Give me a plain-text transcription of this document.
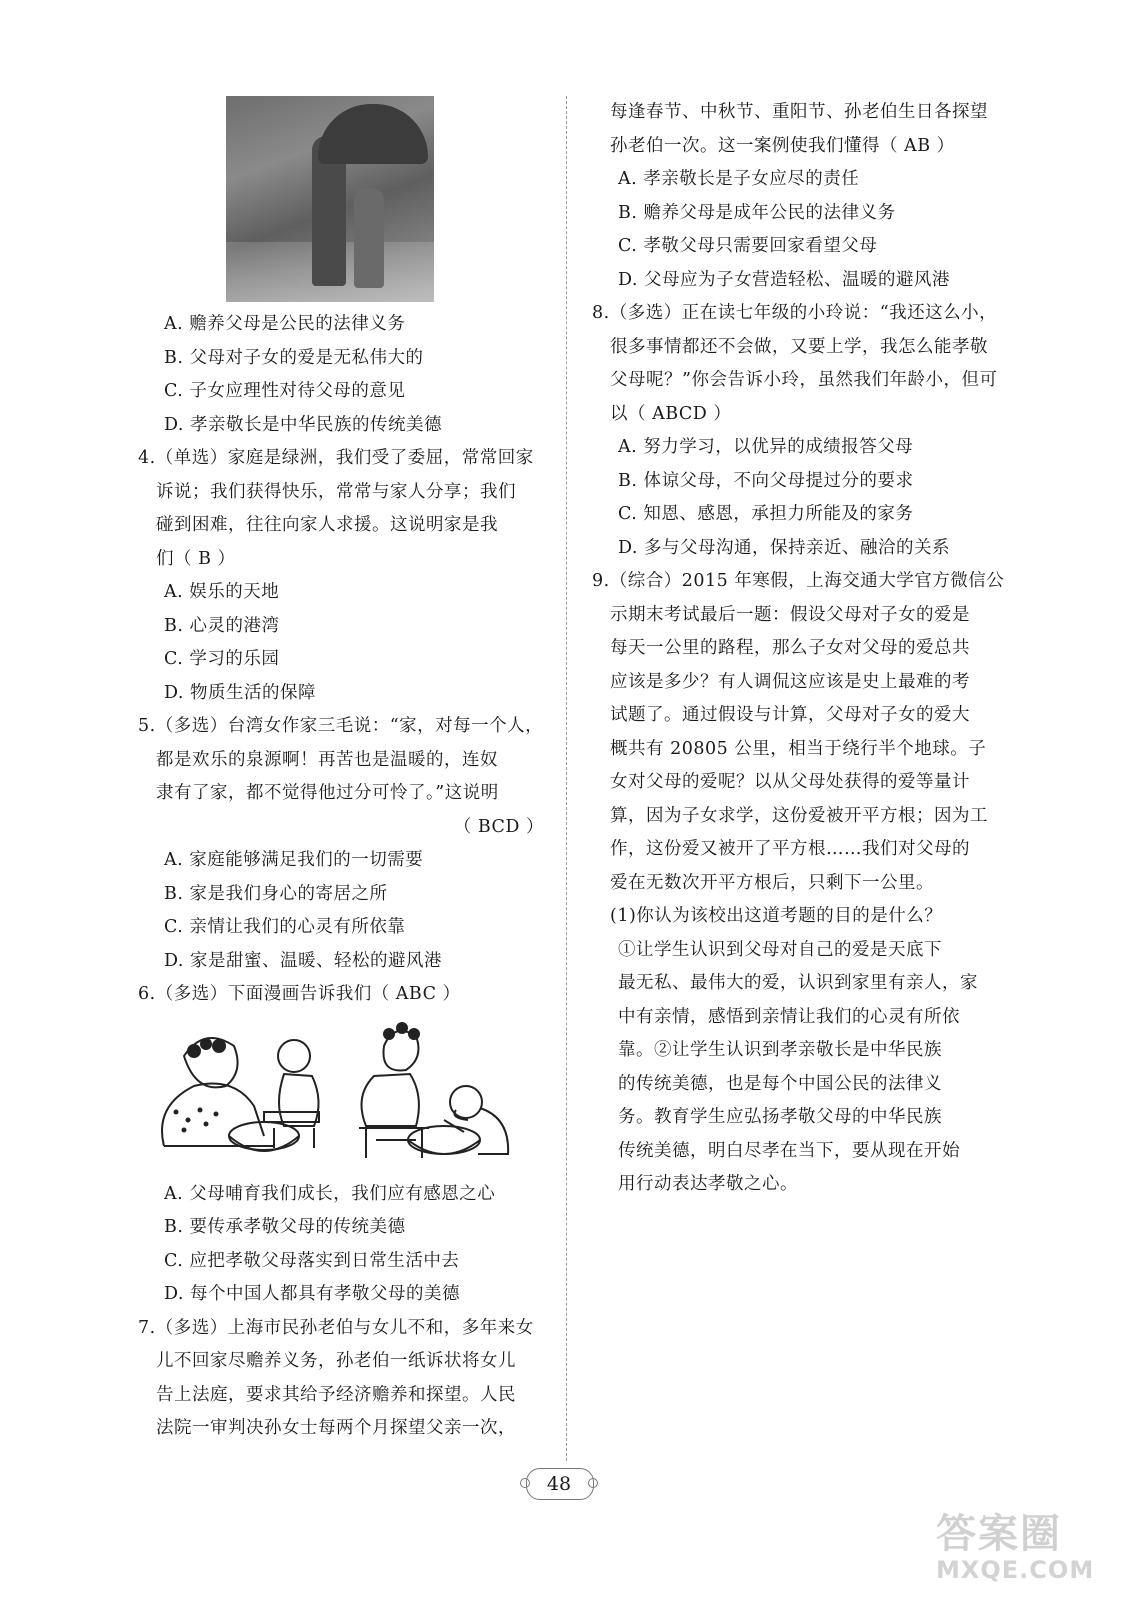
A. 赡养父母是公民的法律义务
B. 父母对子女的爱是无私伟大的
C. 子女应理性对待父母的意见
D. 孝亲敬长是中华民族的传统美德
4.（单选）家庭是绿洲，我们受了委屈，常常回家
诉说；我们获得快乐，常常与家人分享；我们
碰到困难，往往向家人求援。这说明家是我
们（ B ）
A. 娱乐的天地
B. 心灵的港湾
C. 学习的乐园
D. 物质生活的保障
5.（多选）台湾女作家三毛说：“家，对每一个人，
都是欢乐的泉源啊！再苦也是温暖的，连奴
隶有了家，都不觉得他过分可怜了。”这说明
（ BCD ）
A. 家庭能够满足我们的一切需要
B. 家是我们身心的寄居之所
C. 亲情让我们的心灵有所依靠
D. 家是甜蜜、温暖、轻松的避风港
6.（多选）下面漫画告诉我们（ ABC ）
A. 父母哺育我们成长，我们应有感恩之心
B. 要传承孝敬父母的传统美德
C. 应把孝敬父母落实到日常生活中去
D. 每个中国人都具有孝敬父母的美德
7.（多选）上海市民孙老伯与女儿不和，多年来女
儿不回家尽赡养义务，孙老伯一纸诉状将女儿
告上法庭，要求其给予经济赡养和探望。人民
法院一审判决孙女士每两个月探望父亲一次，
每逢春节、中秋节、重阳节、孙老伯生日各探望
孙老伯一次。这一案例使我们懂得（ AB ）
A. 孝亲敬长是子女应尽的责任
B. 赡养父母是成年公民的法律义务
C. 孝敬父母只需要回家看望父母
D. 父母应为子女营造轻松、温暖的避风港
8.（多选）正在读七年级的小玲说：“我还这么小，
很多事情都还不会做，又要上学，我怎么能孝敬
父母呢？”你会告诉小玲，虽然我们年龄小，但可
以（ ABCD ）
A. 努力学习，以优异的成绩报答父母
B. 体谅父母，不向父母提过分的要求
C. 知恩、感恩，承担力所能及的家务
D. 多与父母沟通，保持亲近、融洽的关系
9.（综合）2015 年寒假，上海交通大学官方微信公
示期末考试最后一题：假设父母对子女的爱是
每天一公里的路程，那么子女对父母的爱总共
应该是多少？有人调侃这应该是史上最难的考
试题了。通过假设与计算，父母对子女的爱大
概共有 20805 公里，相当于绕行半个地球。子
女对父母的爱呢？以从父母处获得的爱等量计
算，因为子女求学，这份爱被开平方根；因为工
作，这份爱又被开了平方根……我们对父母的
爱在无数次开平方根后，只剩下一公里。
(1)你认为该校出这道考题的目的是什么？
①让学生认识到父母对自己的爱是天底下
最无私、最伟大的爱，认识到家里有亲人，家
中有亲情，感悟到亲情让我们的心灵有所依
靠。②让学生认识到孝亲敬长是中华民族
的传统美德，也是每个中国公民的法律义
务。教育学生应弘扬孝敬父母的中华民族
传统美德，明白尽孝在当下，要从现在开始
用行动表达孝敬之心。
48
答案圈
MXQE.COM
